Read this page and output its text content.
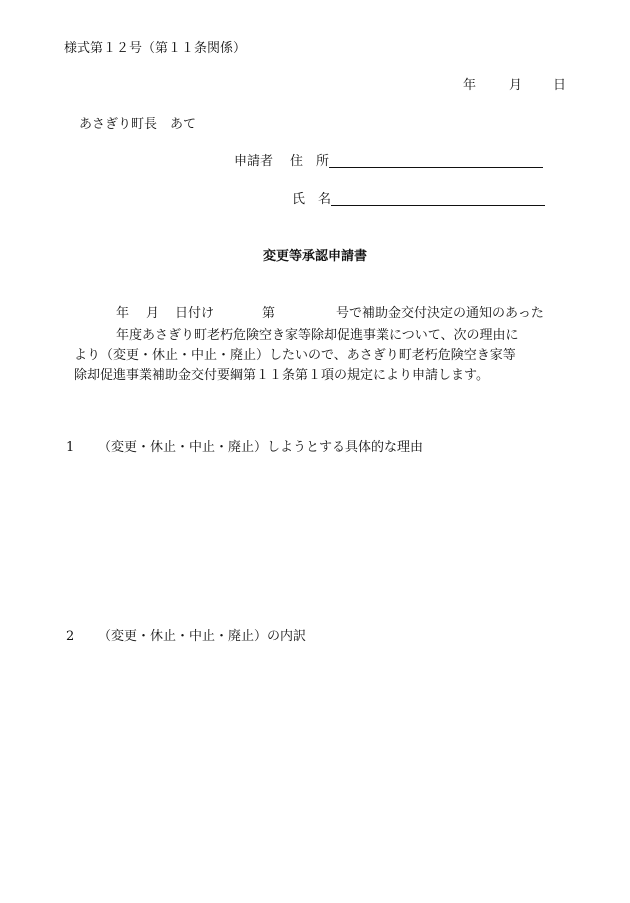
様式第１２号（第１１条関係）
年	月 日
あさぎり町長　あて
申請者 住　所
氏　名
変更等承認申請書
年 月 日付け	第	号で補助金交付決定の通知のあった
年度あさぎり町老朽危険空き家等除却促進事業について、次の理由に
より（変更・休止・中止・廃止）したいので、あさぎり町老朽危険空き家等
除却促進事業補助金交付要綱第１１条第１項の規定により申請します。
1 （変更・休止・中止・廃止）しようとする具体的な理由
2 （変更・休止・中止・廃止）の内訳
